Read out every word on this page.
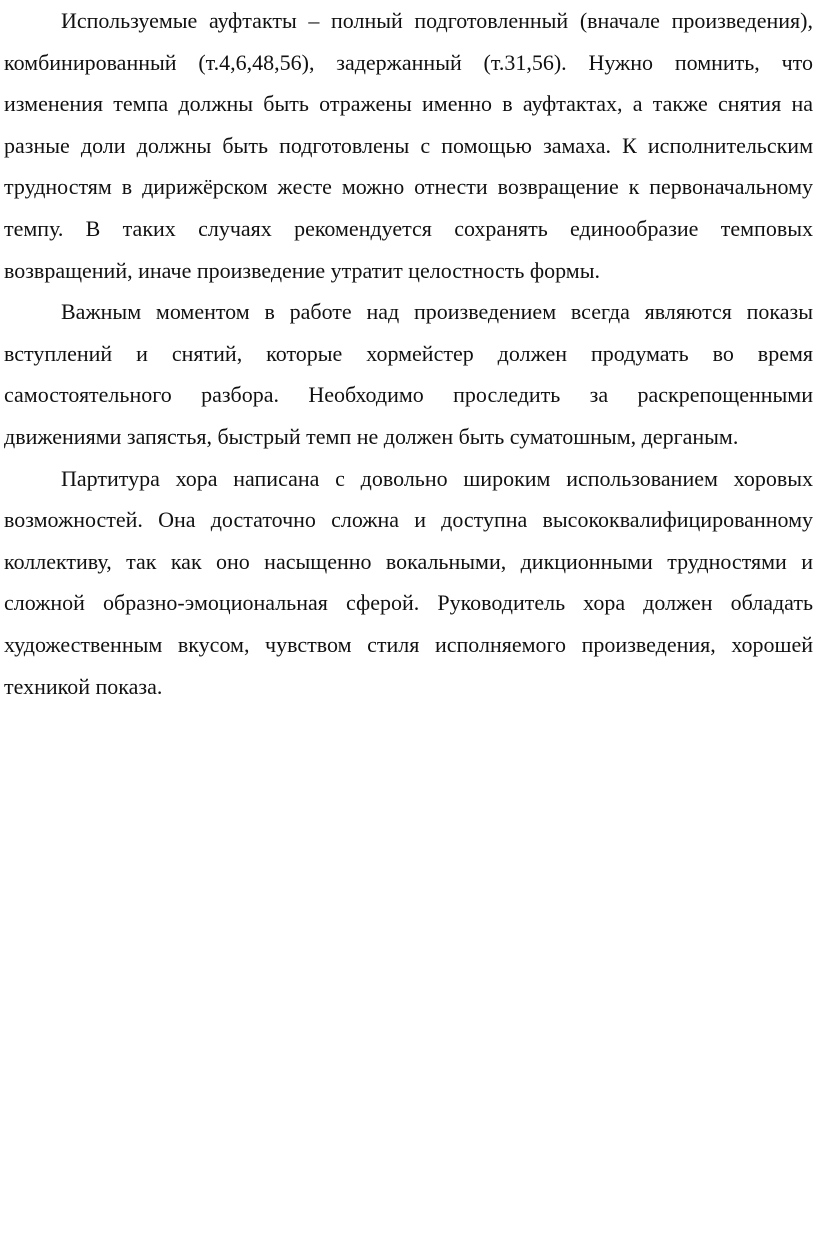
Используемые ауфтакты – полный подготовленный (вначале произведения), комбинированный (т.4,6,48,56), задержанный (т.31,56). Нужно помнить, что изменения темпа должны быть отражены именно в ауфтактах, а также снятия на разные доли должны быть подготовлены с помощью замаха. К исполнительским трудностям в дирижёрском жесте можно отнести возвращение к первоначальному темпу. В таких случаях рекомендуется сохранять единообразие темповых возвращений, иначе произведение утратит целостность формы.

Важным моментом в работе над произведением всегда являются показы вступлений и снятий, которые хормейстер должен продумать во время самостоятельного разбора. Необходимо проследить за раскрепощенными движениями запястья, быстрый темп не должен быть суматошным, дерганым.

Партитура хора написана с довольно широким использованием хоровых возможностей. Она достаточно сложна и доступна высококвалифицированному коллективу, так как оно насыщенно вокальными, дикционными трудностями и сложной образно-эмоциональная сферой. Руководитель хора должен обладать художественным вкусом, чувством стиля исполняемого произведения, хорошей техникой показа.
